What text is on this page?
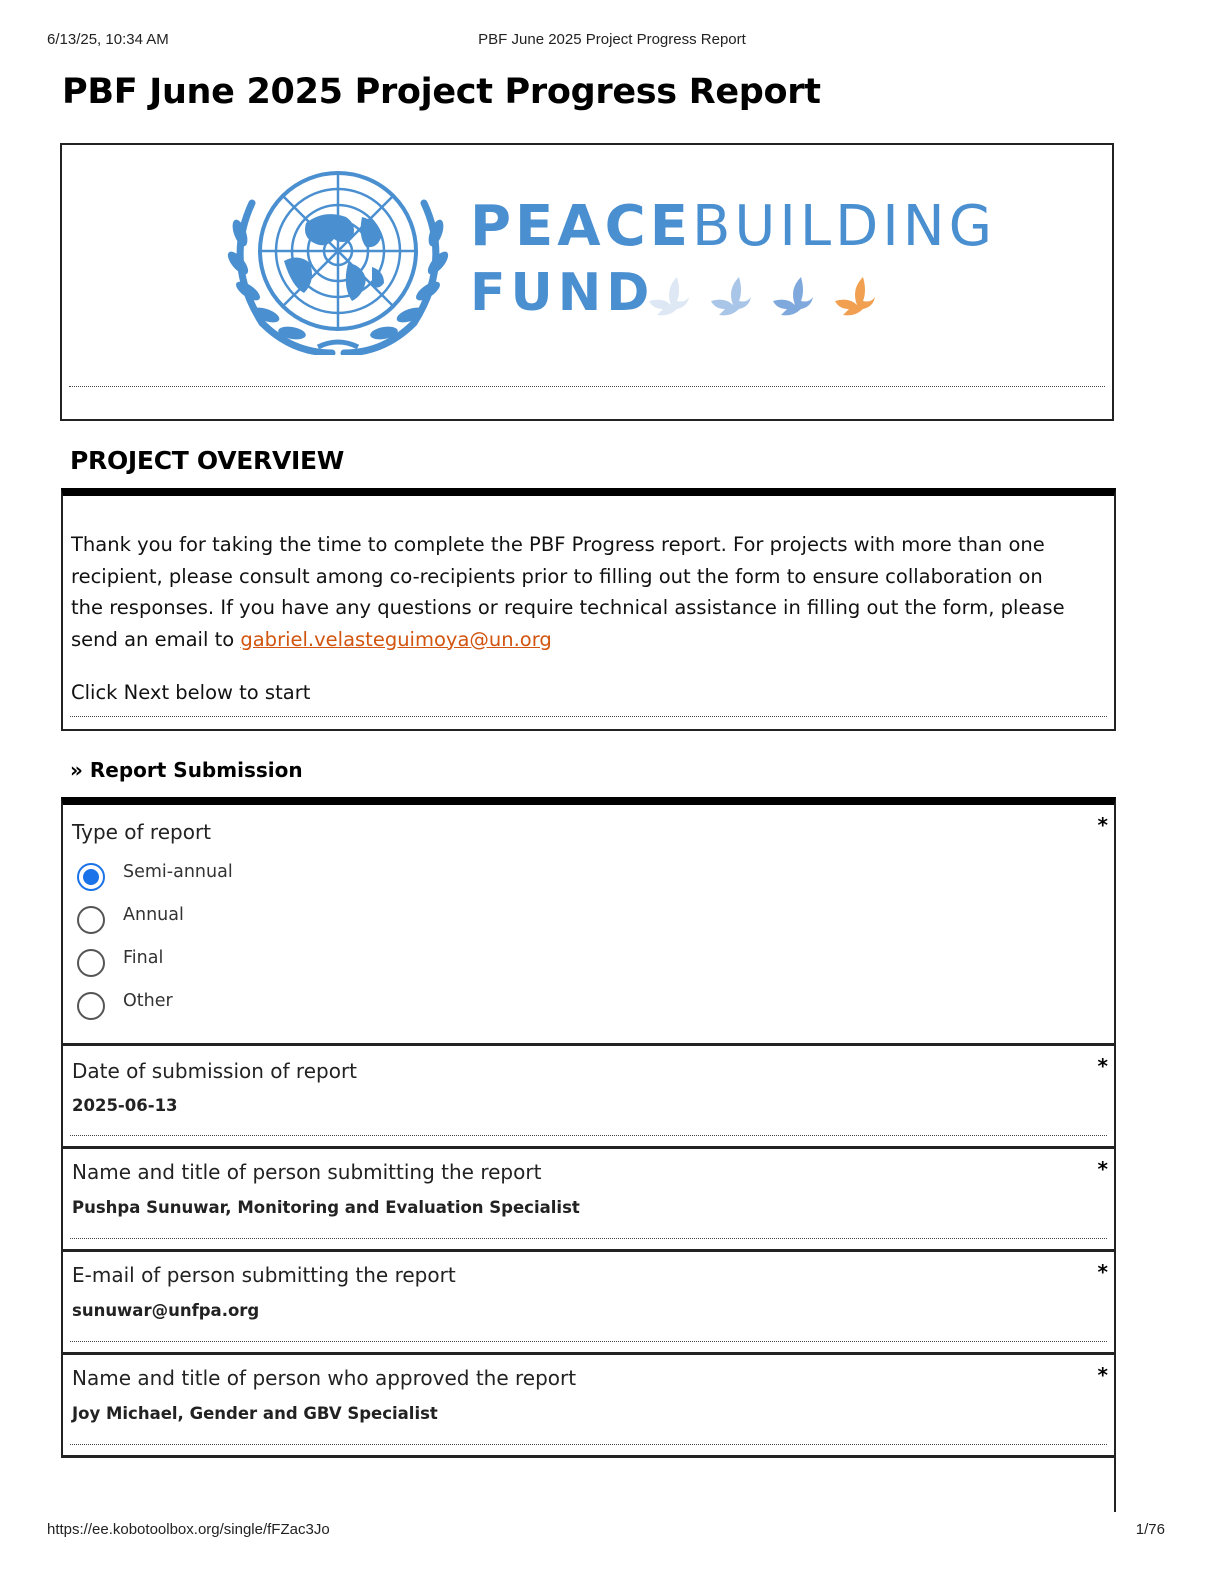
6/13/25, 10:34 AM	PBF June 2025 Project Progress Report
PBF June 2025 Project Progress Report
PEACEBUILDING
FUND
PROJECT OVERVIEW

Thank you for taking the time to complete the PBF Progress report. For projects with more than one recipient, please consult among co-recipients prior to filling out the form to ensure collaboration on the responses. If you have any questions or require technical assistance in filling out the form, please send an email to gabriel.velasteguimoya@un.org

Click Next below to start

» Report Submission
*
Type of report
Semi-annual
Annual
Final
Other
*
Date of submission of report
2025-06-13
*
Name and title of person submitting the report
Pushpa Sunuwar, Monitoring and Evaluation Specialist
*
E-mail of person submitting the report
sunuwar@unfpa.org
*
Name and title of person who approved the report
Joy Michael, Gender and GBV Specialist
https://ee.kobotoolbox.org/single/fFZac3Jo	1/76
